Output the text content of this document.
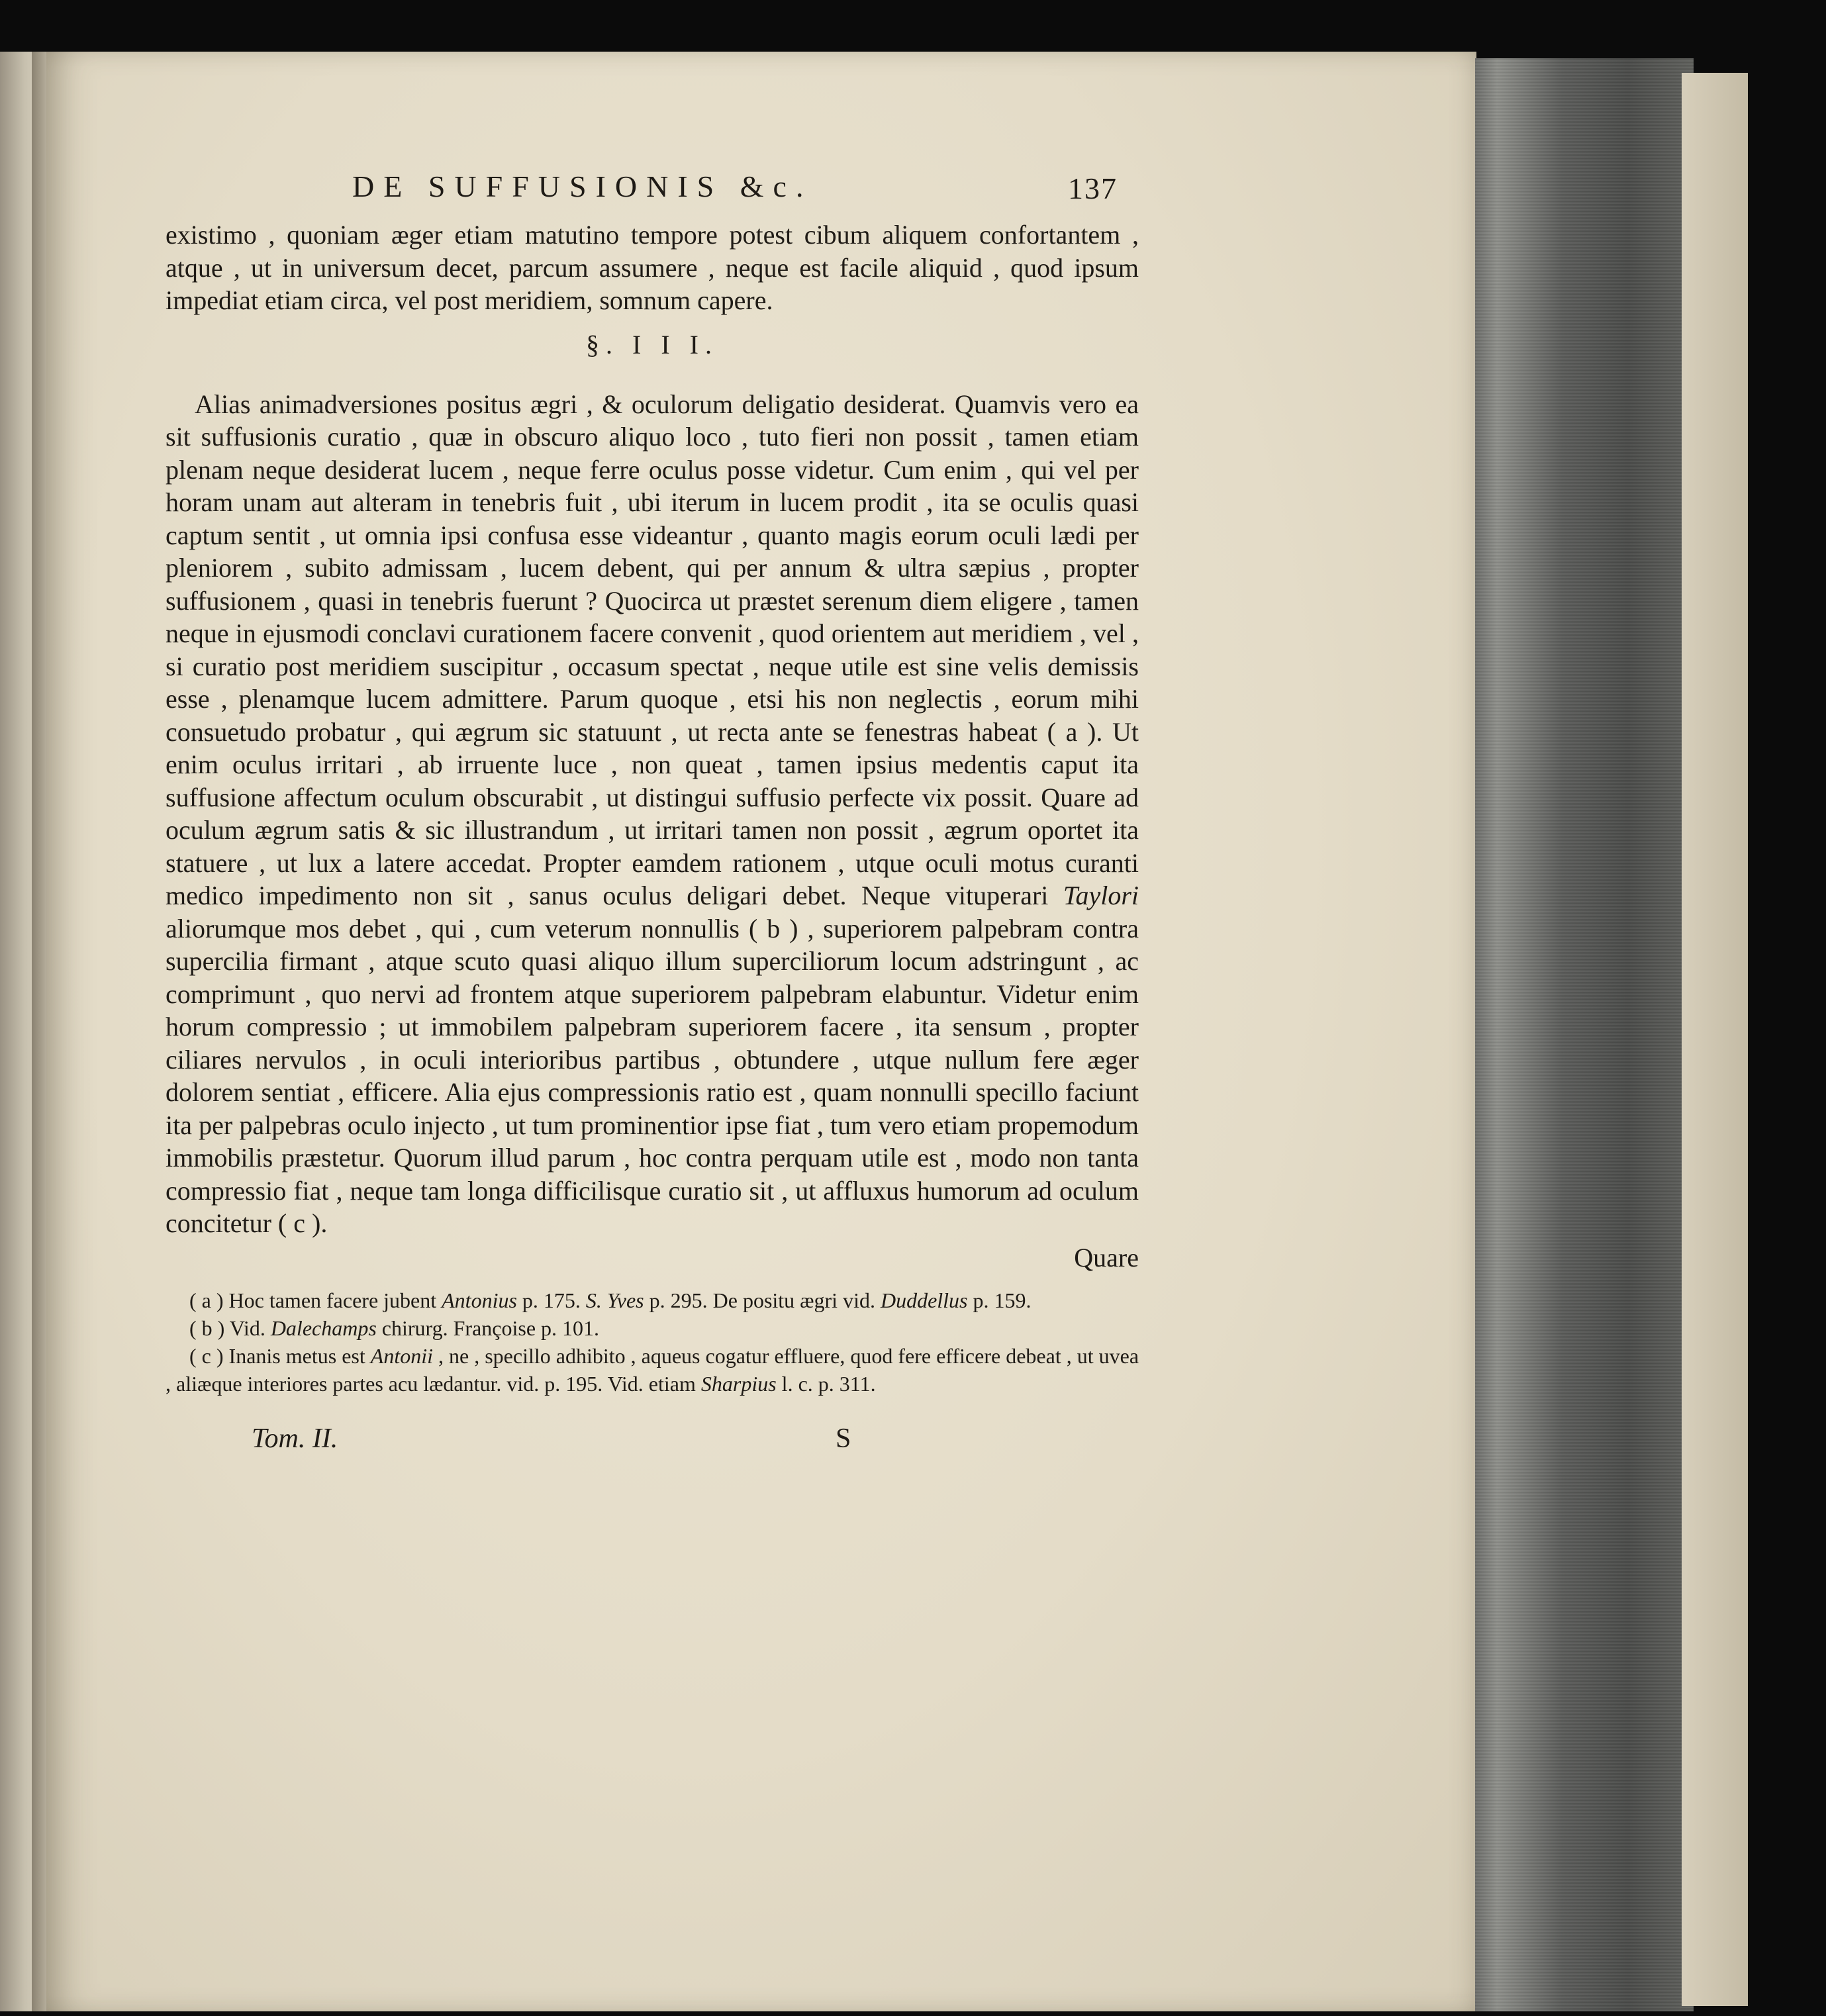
DE SUFFUSIONIS &c.	137

existimo , quoniam æger etiam matutino tempore potest cibum aliquem confortantem , atque , ut in universum decet, parcum assumere , neque est facile aliquid , quod ipsum impediat etiam circa, vel post meridiem, somnum capere.

§. I I I.

Alias animadversiones positus ægri , & oculorum deligatio desiderat. Quamvis vero ea sit suffusionis curatio , quæ in obscuro aliquo loco , tuto fieri non possit , tamen etiam plenam neque desiderat lucem , neque ferre oculus posse videtur. Cum enim , qui vel per horam unam aut alteram in tenebris fuit , ubi iterum in lucem prodit , ita se oculis quasi captum sentit , ut omnia ipsi confusa esse videantur , quanto magis eorum oculi lædi per pleniorem , subito admissam , lucem debent, qui per annum & ultra sæpius , propter suffusionem , quasi in tenebris fuerunt ? Quocirca ut præstet serenum diem eligere , tamen neque in ejusmodi conclavi curationem facere convenit , quod orientem aut meridiem , vel , si curatio post meridiem suscipitur , occasum spectat , neque utile est sine velis demissis esse , plenamque lucem admittere. Parum quoque , etsi his non neglectis , eorum mihi consuetudo probatur , qui ægrum sic statuunt , ut recta ante se fenestras habeat ( a ). Ut enim oculus irritari , ab irruente luce , non queat , tamen ipsius medentis caput ita suffusione affectum oculum obscurabit , ut distingui suffusio perfecte vix possit. Quare ad oculum ægrum satis & sic illustrandum , ut irritari tamen non possit , ægrum oportet ita statuere , ut lux a latere accedat. Propter eamdem rationem , utque oculi motus curanti medico impedimento non sit , sanus oculus deligari debet. Neque vituperari Taylori aliorumque mos debet , qui , cum veterum nonnullis ( b ) , superiorem palpebram contra supercilia firmant , atque scuto quasi aliquo illum superciliorum locum adstringunt , ac comprimunt , quo nervi ad frontem atque superiorem palpebram elabuntur. Videtur enim horum compressio ; ut immobilem palpebram superiorem facere , ita sensum , propter ciliares nervulos , in oculi interioribus partibus , obtundere , utque nullum fere æger dolorem sentiat , efficere. Alia ejus compressionis ratio est , quam nonnulli specillo faciunt ita per palpebras oculo injecto , ut tum prominentior ipse fiat , tum vero etiam propemodum immobilis præstetur. Quorum illud parum , hoc contra perquam utile est , modo non tanta compressio fiat , neque tam longa difficilisque curatio sit , ut affluxus humorum ad oculum concitetur ( c ).

Quare

( a ) Hoc tamen facere jubent Antonius p. 175. S. Yves p. 295. De positu ægri vid. Duddellus p. 159.

( b ) Vid. Dalechamps chirurg. Françoise p. 101.

( c ) Inanis metus est Antonii , ne , specillo adhibito , aqueus cogatur effluere, quod fere efficere debeat , ut uvea , aliæque interiores partes acu lædantur. vid. p. 195. Vid. etiam Sharpius l. c. p. 311.

Tom. II.	S
